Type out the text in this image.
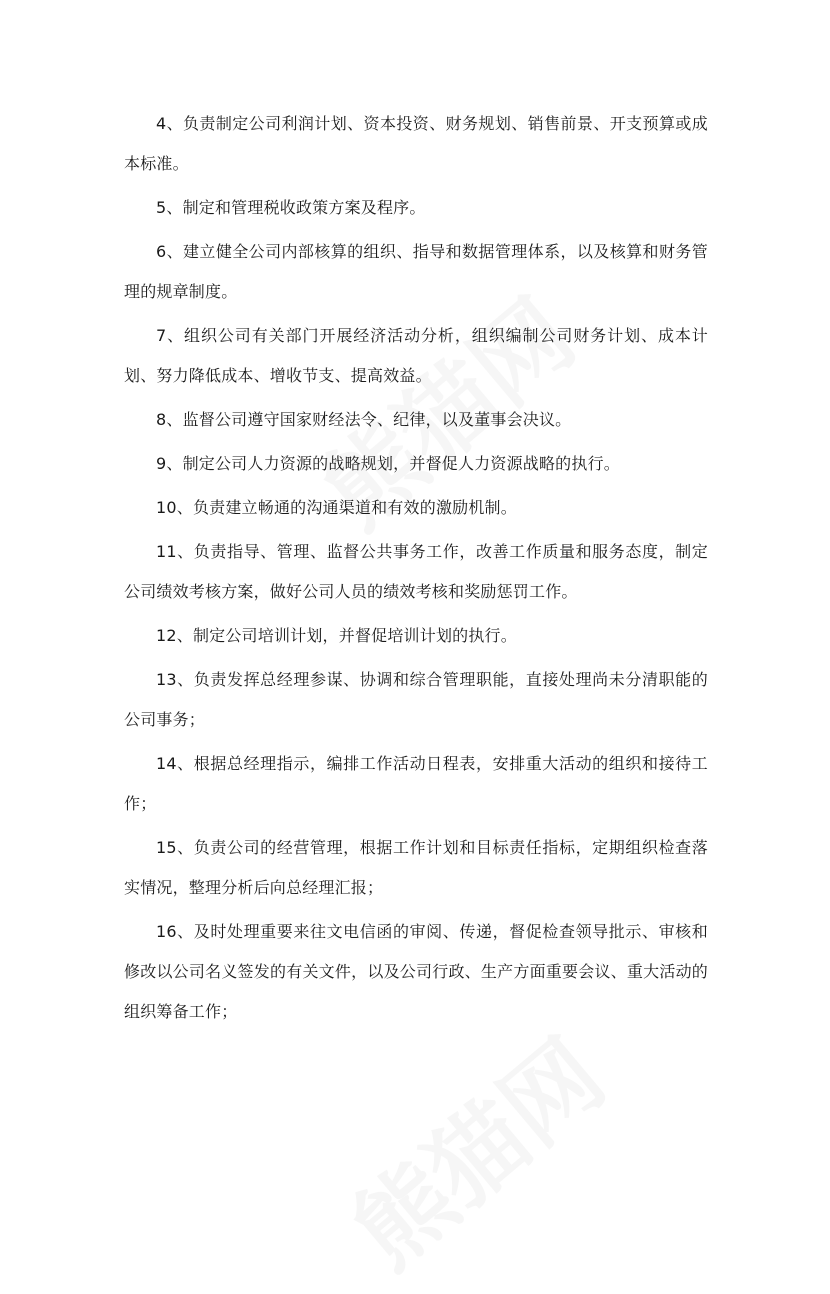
4、负责制定公司利润计划、资本投资、财务规划、销售前景、开支预算或成本标准。

5、制定和管理税收政策方案及程序。

6、建立健全公司内部核算的组织、指导和数据管理体系，以及核算和财务管理的规章制度。

7、组织公司有关部门开展经济活动分析，组织编制公司财务计划、成本计划、努力降低成本、增收节支、提高效益。

8、监督公司遵守国家财经法令、纪律，以及董事会决议。

9、制定公司人力资源的战略规划，并督促人力资源战略的执行。

10、负责建立畅通的沟通渠道和有效的激励机制。

11、负责指导、管理、监督公共事务工作，改善工作质量和服务态度，制定公司绩效考核方案，做好公司人员的绩效考核和奖励惩罚工作。

12、制定公司培训计划，并督促培训计划的执行。

13、负责发挥总经理参谋、协调和综合管理职能，直接处理尚未分清职能的公司事务；

14、根据总经理指示，编排工作活动日程表，安排重大活动的组织和接待工作；

15、负责公司的经营管理，根据工作计划和目标责任指标，定期组织检查落实情况，整理分析后向总经理汇报；

16、及时处理重要来往文电信函的审阅、传递，督促检查领导批示、审核和修改以公司名义签发的有关文件，以及公司行政、生产方面重要会议、重大活动的组织筹备工作；
